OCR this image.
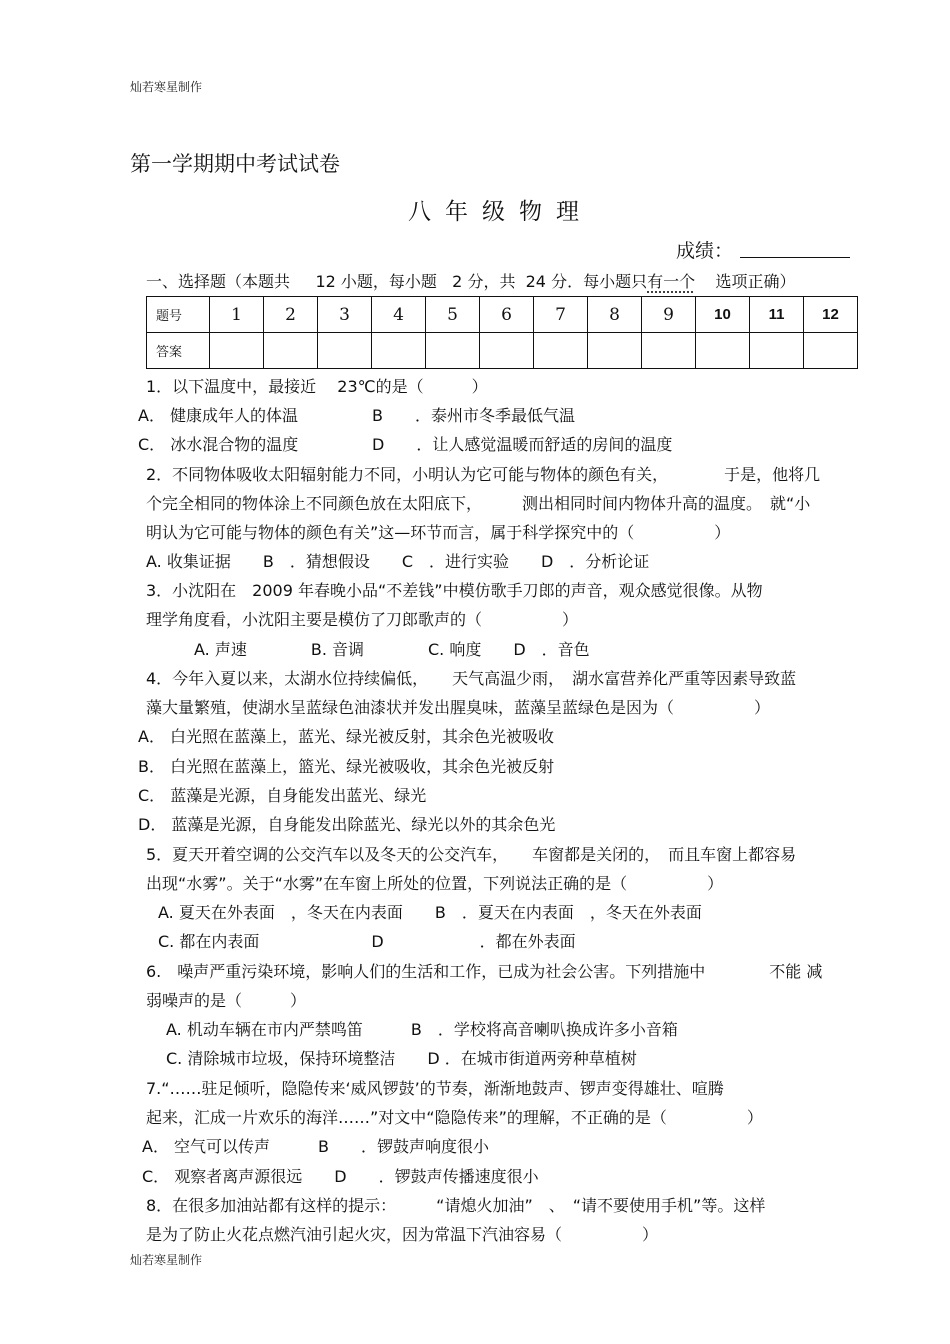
灿若寒星制作
第一学期期中考试试卷
八年级物理
成绩：
一、选择题（本题共 12 小题，每小题 2 分，共 24 分．每小题只有一个 选项正确）
题号	1	2	3	4	5	6	7	8	9	10	11	12
答案												
1．以下温度中，最接近　 23℃的是（　　　）
A． 健康成年人的体温	B　　．泰州市冬季最低气温
C． 冰水混合物的温度	D　　．让人感觉温暖而舒适的房间的温度
2．不同物体吸收太阳辐射能力不同，小明认为它可能与物体的颜色有关，　　　　于是，他将几
个完全相同的物体涂上不同颜色放在太阳底下，　　　测出相同时间内物体升高的温度。　就“小
明认为它可能与物体的颜色有关”这—环节而言，属于科学探究中的（　　　　　）
A. 收集证据　　B　．猜想假设　　C　．进行实验　　D　．分析论证
3．小沈阳在　2009 年春晚小品“不差钱”中模仿歌手刀郎的声音，观众感觉很像。从物
理学角度看，小沈阳主要是模仿了刀郎歌声的（　　　　　）
A. 声速　　　　B. 音调　　　　C. 响度　　D　．音色
4．今年入夏以来，太湖水位持续偏低，　　天气高温少雨，　湖水富营养化严重等因素导致蓝
藻大量繁殖，使湖水呈蓝绿色油漆状并发出腥臭味，蓝藻呈蓝绿色是因为（　　　　　）
A． 白光照在蓝藻上，蓝光、绿光被反射，其余色光被吸收
B． 白光照在蓝藻上，篮光、绿光被吸收，其余色光被反射
C． 蓝藻是光源，自身能发出蓝光、绿光
D． 蓝藻是光源，自身能发出除蓝光、绿光以外的其余色光
5．夏天开着空调的公交汽车以及冬天的公交汽车，　　车窗都是关闭的，　而且车窗上都容易
出现“水雾”。关于“水雾”在车窗上所处的位置，下列说法正确的是（　　　　　）
A. 夏天在外表面　，冬天在内表面　　B　．夏天在内表面　，冬天在外表面
C. 都在内表面　　　　　　　D　　　　　　．都在外表面
6.　噪声严重污染环境，影响人们的生活和工作，已成为社会公害。下列措施中　　　　不能 减
弱噪声的是（　　　）
A. 机动车辆在市内严禁鸣笛　　　B　．学校将高音喇叭换成许多小音箱
C. 清除城市垃圾，保持环境整洁　　D ．在城市街道两旁种草植树
7.“……驻足倾听，隐隐传来‘威风锣鼓’的节奏，渐渐地鼓声、锣声变得雄壮、喧腾
起来，汇成一片欢乐的海洋……”对文中“隐隐传来”的理解，不正确的是（　　　　　）
A． 空气可以传声　　　B　　．锣鼓声响度很小
C． 观察者离声源很远　　D　　．锣鼓声传播速度很小
8．在很多加油站都有这样的提示：　　　“请熄火加油”　、　“请不要使用手机”等。这样
是为了防止火花点燃汽油引起火灾，因为常温下汽油容易（　　　　　）
灿若寒星制作
